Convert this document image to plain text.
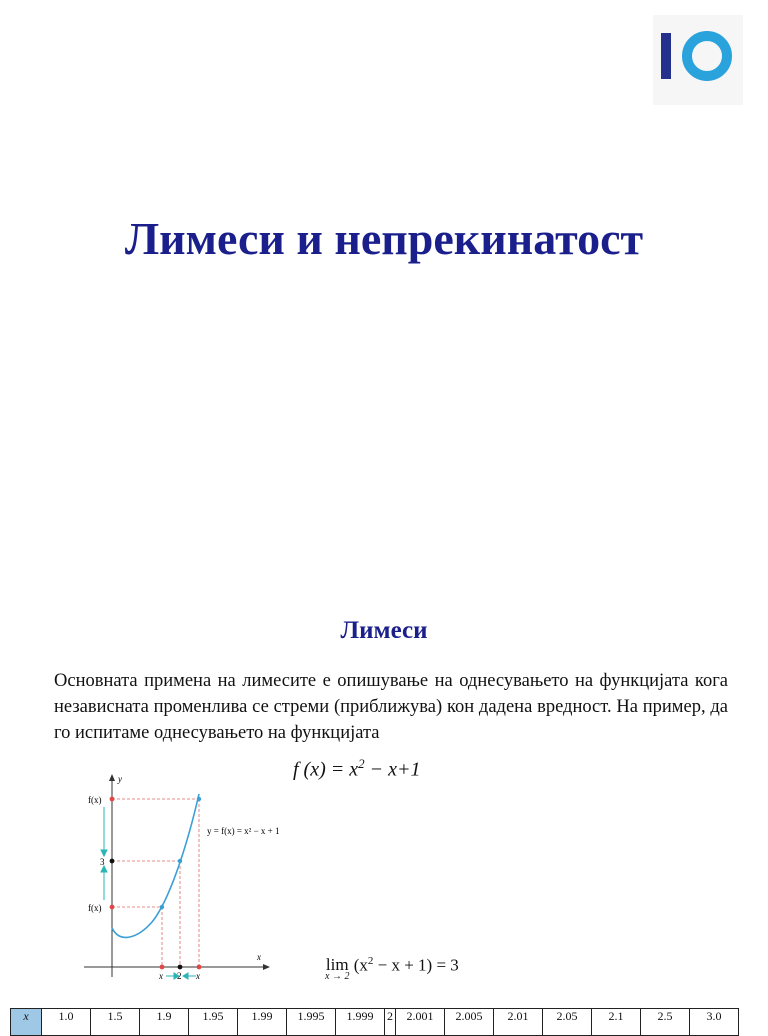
Лимеси и непрекинатост
Лимеси

Основната примена на лимесите е опишување на однесувањето на функцијата кога независната променлива се стреми (приближува) кон дадена вредност. На пример, да го испитаме однесувањето на функцијата

f $(x) = x^2 - x+1$
y
x
f(x)
3
f(x)
x 2 x
y = f(x) = x² − x + 1
lim
x → 2
$(x^2 - x + 1) = 3$
x	1.0	1.5	1.9	1.95	1.99	1.995	1.999	2	2.001	2.005	2.01	2.05	2.1	2.5	3.0
